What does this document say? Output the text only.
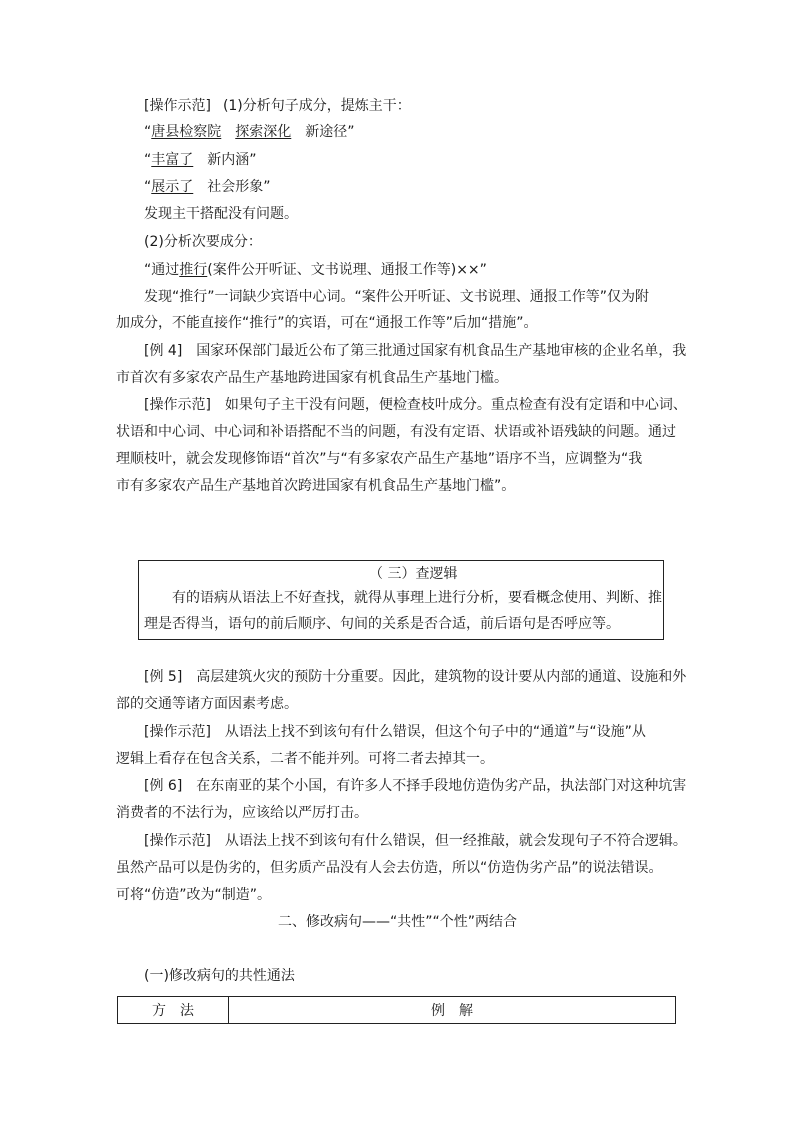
[操作示范] (1)分析句子成分，提炼主干：
“唐县检察院 探索深化 新途径”
“丰富了 新内涵”
“展示了 社会形象”
发现主干搭配没有问题。
(2)分析次要成分：
“通过推行(案件公开听证、文书说理、通报工作等)××”
发现“推行”一词缺少宾语中心词。“案件公开听证、文书说理、通报工作等”仅为附
加成分，不能直接作“推行”的宾语，可在“通报工作等”后加“措施”。
[例 4]　国家环保部门最近公布了第三批通过国家有机食品生产基地审核的企业名单，我
市首次有多家农产品生产基地跨进国家有机食品生产基地门槛。
[操作示范]　如果句子主干没有问题，便检查枝叶成分。重点检查有没有定语和中心词、
状语和中心词、中心词和补语搭配不当的问题，有没有定语、状语或补语残缺的问题。通过
理顺枝叶，就会发现修饰语“首次”与“有多家农产品生产基地”语序不当，应调整为“我
市有多家农产品生产基地首次跨进国家有机食品生产基地门槛”。
（ 三）查逻辑
有的语病从语法上不好查找，就得从事理上进行分析，要看概念使用、判断、推
理是否得当，语句的前后顺序、句间的关系是否合适，前后语句是否呼应等。
[例 5]　高层建筑火灾的预防十分重要。因此，建筑物的设计要从内部的通道、设施和外
部的交通等诸方面因素考虑。
[操作示范]　从语法上找不到该句有什么错误，但这个句子中的“通道”与“设施”从
逻辑上看存在包含关系，二者不能并列。可将二者去掉其一。
[例 6]　在东南亚的某个小国，有许多人不择手段地仿造伪劣产品，执法部门对这种坑害
消费者的不法行为，应该给以严厉打击。
[操作示范]　从语法上找不到该句有什么错误，但一经推敲，就会发现句子不符合逻辑。
虽然产品可以是伪劣的，但劣质产品没有人会去仿造，所以“仿造伪劣产品”的说法错误。
可将“仿造”改为“制造”。
二、修改病句——“共性”“个性”两结合
(一)修改病句的共性通法
方　法	例　解
